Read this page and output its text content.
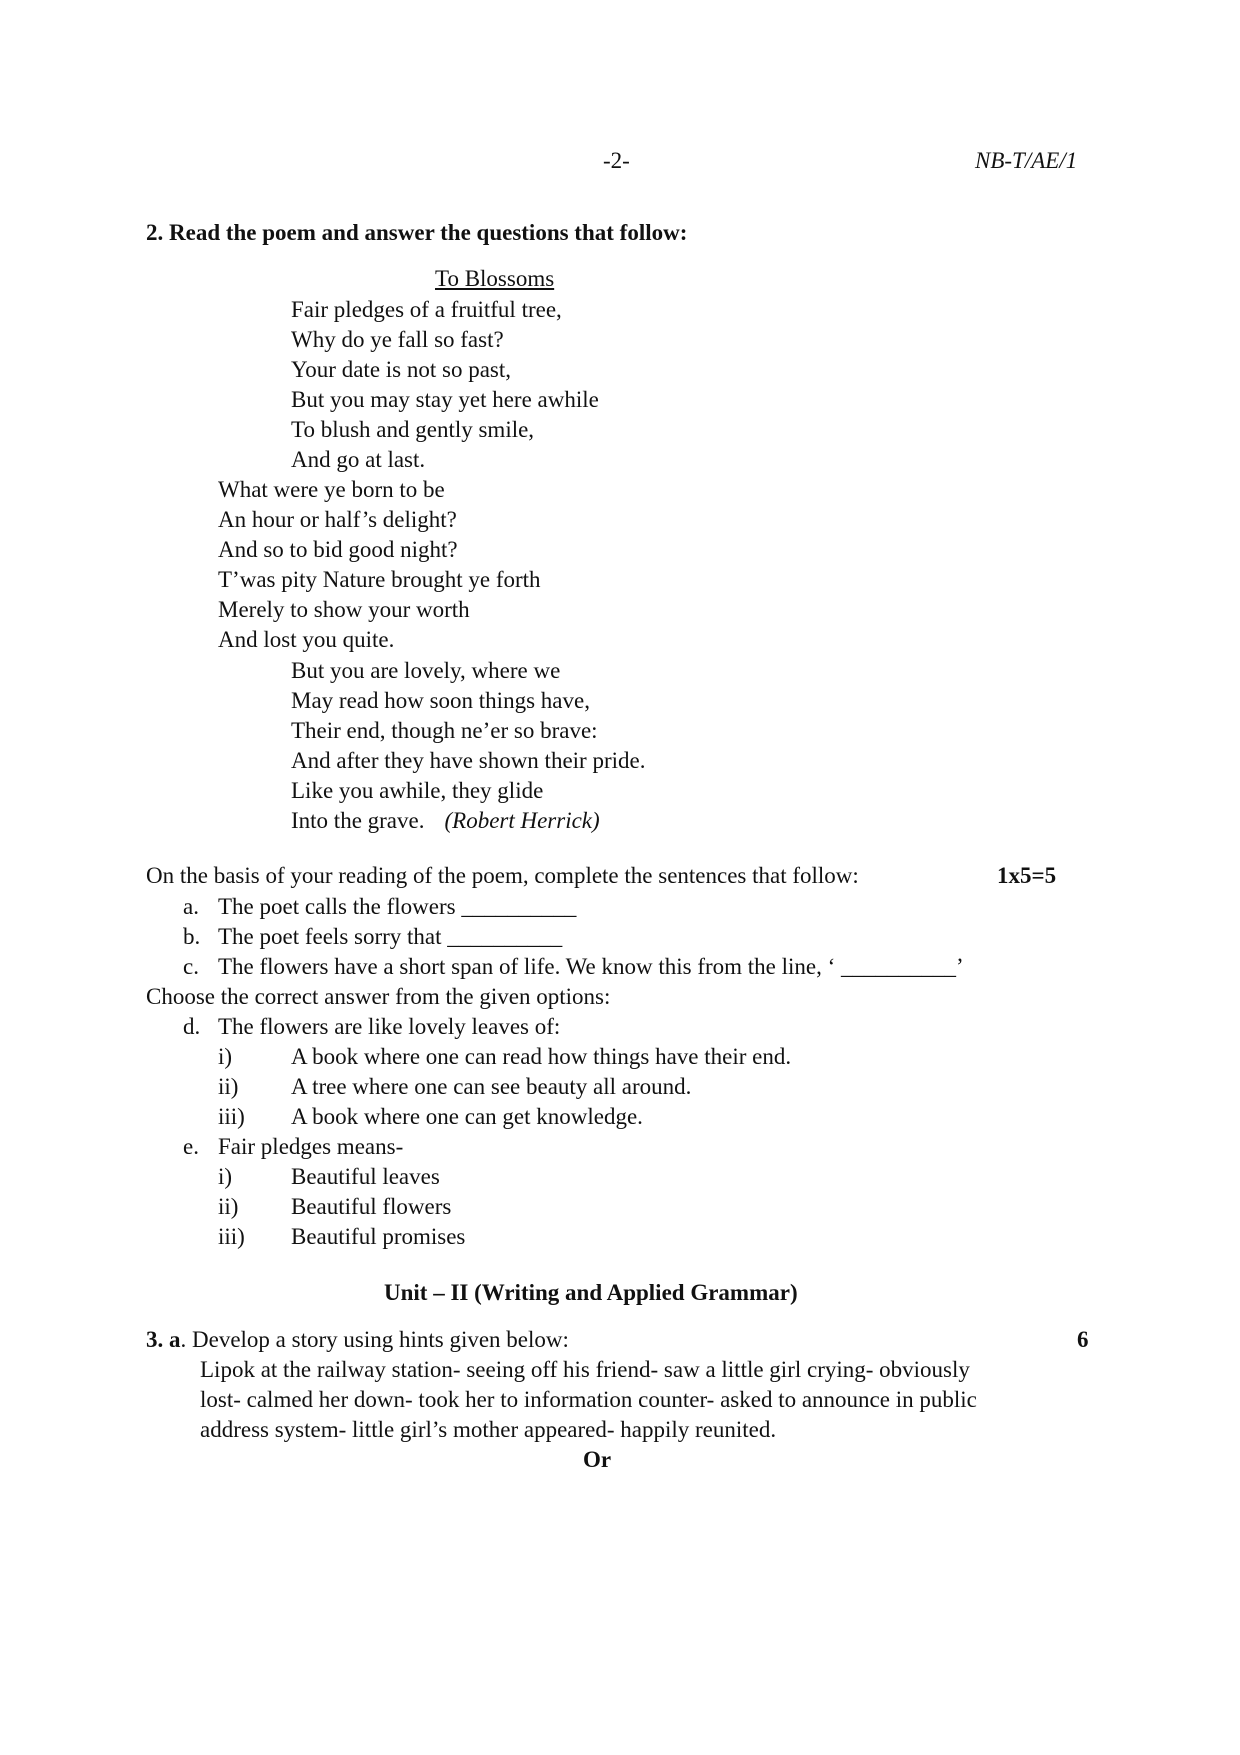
-2-	NB-T/AE/1
2. Read the poem and answer the questions that follow:
To Blossoms
Fair pledges of a fruitful tree,
Why do ye fall so fast?
Your date is not so past,
But you may stay yet here awhile
To blush and gently smile,
And go at last.
What were ye born to be
An hour or half’s delight?
And so to bid good night?
T’was pity Nature brought ye forth
Merely to show your worth
And lost you quite.
But you are lovely, where we
May read how soon things have,
Their end, though ne’er so brave:
And after they have shown their pride.
Like you awhile, they glide
Into the grave. (Robert Herrick)
On the basis of your reading of the poem, complete the sentences that follow:	1x5=5
a. The poet calls the flowers __________
b. The poet feels sorry that __________
c. The flowers have a short span of life. We know this from the line, ‘ __________’
Choose the correct answer from the given options:
d. The flowers are like lovely leaves of:
i)	A book where one can read how things have their end.
ii) A tree where one can see beauty all around.
iii) A book where one can get knowledge.
e. Fair pledges means-
i)	Beautiful leaves
ii) Beautiful flowers
iii) Beautiful promises
Unit – II (Writing and Applied Grammar)
3. a. Develop a story using hints given below:	6
Lipok at the railway station- seeing off his friend- saw a little girl crying- obviously
lost- calmed her down- took her to information counter- asked to announce in public
address system- little girl’s mother appeared- happily reunited.
Or
